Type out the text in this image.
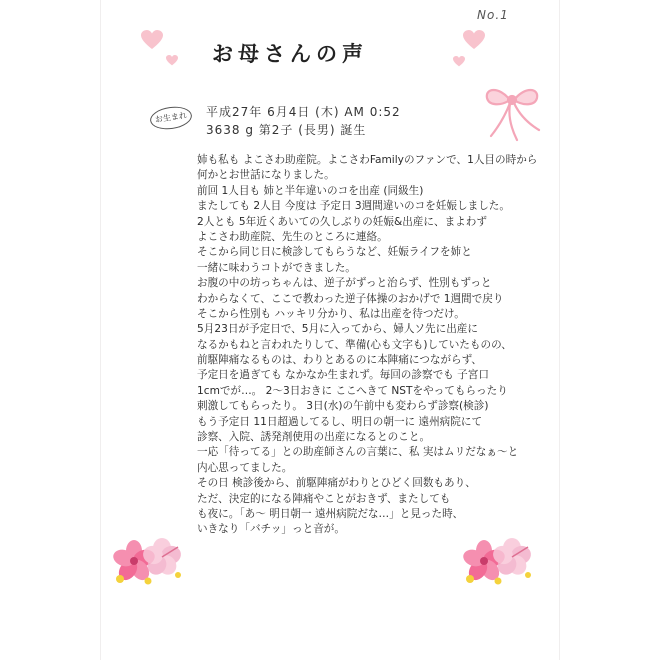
No.1
お母さんの声
お生まれ	平成27年 6月4日 (木) AM 0:52
3638 g 第2子 (長男) 誕生
姉も私も よこさわ助産院。よこさわFamilyのファンで、1人目の時から
何かとお世話になりました。
前回 1人目も 姉と半年違いのコを出産 (同級生)
またしても 2人目 今度は 予定日 3週間違いのコを妊娠しました。
2人とも 5年近くあいての久しぶりの妊娠&出産に、まよわず
よこさわ助産院、先生のところに連絡。
そこから同じ日に検診してもらうなど、妊娠ライフを姉と
一緒に味わうコトができました。
お腹の中の坊っちゃんは、逆子がずっと治らず、性別もずっと
わからなくて、ここで教わった逆子体操のおかげで 1週間で戻り
そこから性別も ハッキリ分かり、私は出産を待つだけ。
5月23日が予定日で、5月に入ってから、婦人ソ先に出産に
なるかもねと言われたりして、準備(心も文字も)していたものの、
前駆陣痛なるものは、わりとあるのに本陣痛につながらず、
予定日を過ぎても なかなか生まれず。毎回の診察でも 子宮口
1cmでが…。 2～3日おきに ここへきて NSTをやってもらったり
刺激してもらったり。 3日(水)の午前中も変わらず診察(検診)
もう予定日 11日超過してるし、明日の朝一に 遠州病院にて
診察、入院、誘発剤使用の出産になるとのこと。
一応「待ってる」との助産師さんの言葉に、私 実はムリだなぁ～と
内心思ってました。
その日 検診後から、前駆陣痛がわりとひどく回数もあり、
ただ、決定的になる陣痛やことがおきず、またしても
も夜に。「あ～ 明日朝一 遠州病院だな…」と見った時、
いきなり「バチッ」っと音が。
